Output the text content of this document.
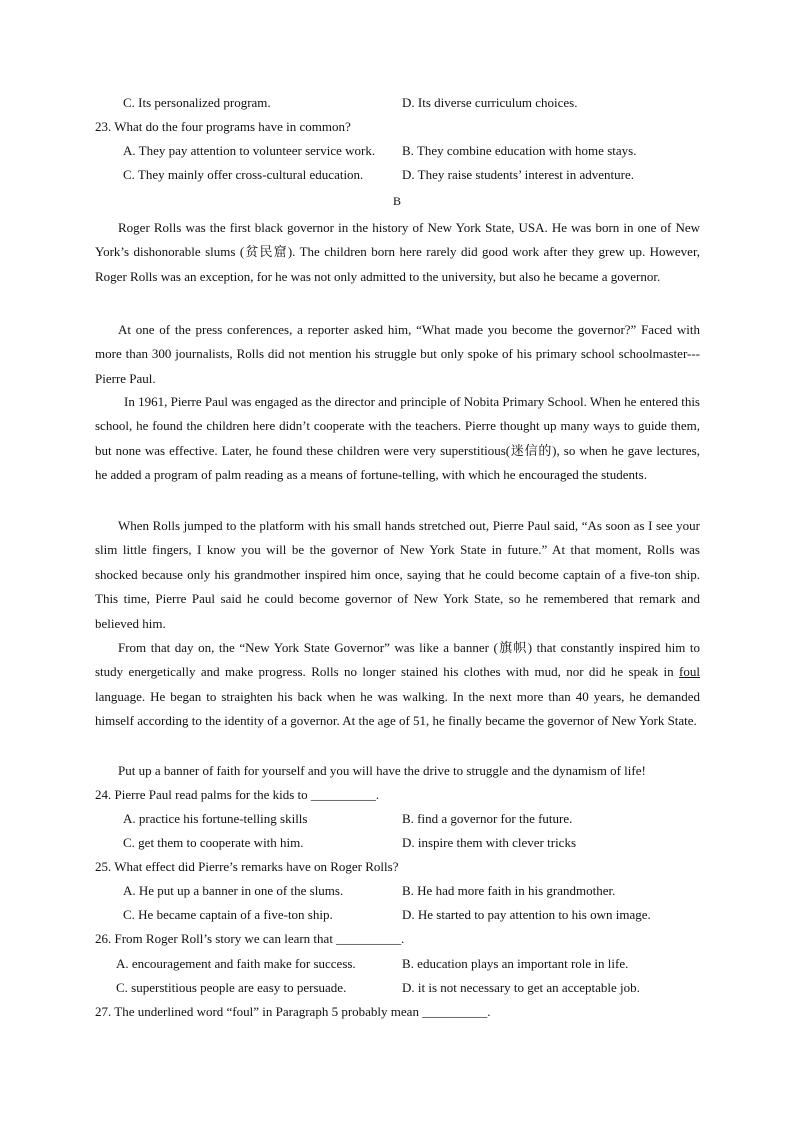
C. Its personalized program.	D. Its diverse curriculum choices.
23. What do the four programs have in common?
A. They pay attention to volunteer service work. B. They combine education with home stays.
C. They mainly offer cross-cultural education.	D. They raise students’ interest in adventure.
B

Roger Rolls was the first black governor in the history of New York State, USA. He was born in one of New York’s dishonorable slums (贫民窟). The children born here rarely did good work after they grew up. However, Roger Rolls was an exception, for he was not only admitted to the university, but also he became a governor.

At one of the press conferences, a reporter asked him, “What made you become the governor?” Faced with more than 300 journalists, Rolls did not mention his struggle but only spoke of his primary school schoolmaster---Pierre Paul.

In 1961, Pierre Paul was engaged as the director and principle of Nobita Primary School. When he entered this school, he found the children here didn’t cooperate with the teachers. Pierre thought up many ways to guide them, but none was effective. Later, he found these children were very superstitious(迷信的), so when he gave lectures, he added a program of palm reading as a means of fortune-telling, with which he encouraged the students.

When Rolls jumped to the platform with his small hands stretched out, Pierre Paul said, “As soon as I see your slim little fingers, I know you will be the governor of New York State in future.” At that moment, Rolls was shocked because only his grandmother inspired him once, saying that he could become captain of a five-ton ship. This time, Pierre Paul said he could become governor of New York State, so he remembered that remark and believed him.

From that day on, the “New York State Governor” was like a banner (旗帜) that constantly inspired him to study energetically and make progress. Rolls no longer stained his clothes with mud, nor did he speak in foul language. He began to straighten his back when he was walking. In the next more than 40 years, he demanded himself according to the identity of a governor. At the age of 51, he finally became the governor of New York State.

Put up a banner of faith for yourself and you will have the drive to struggle and the dynamism of life!
24. Pierre Paul read palms for the kids to __________.
A. practice his fortune-telling skills	B. find a governor for the future.
C. get them to cooperate with him.	D. inspire them with clever tricks
25. What effect did Pierre’s remarks have on Roger Rolls?
A. He put up a banner in one of the slums.	B. He had more faith in his grandmother.
C. He became captain of a five-ton ship.	D. He started to pay attention to his own image.
26. From Roger Roll’s story we can learn that __________.
A. encouragement and faith make for success.	B. education plays an important role in life.
C. superstitious people are easy to persuade.	D. it is not necessary to get an acceptable job.
27. The underlined word “foul” in Paragraph 5 probably mean __________.
